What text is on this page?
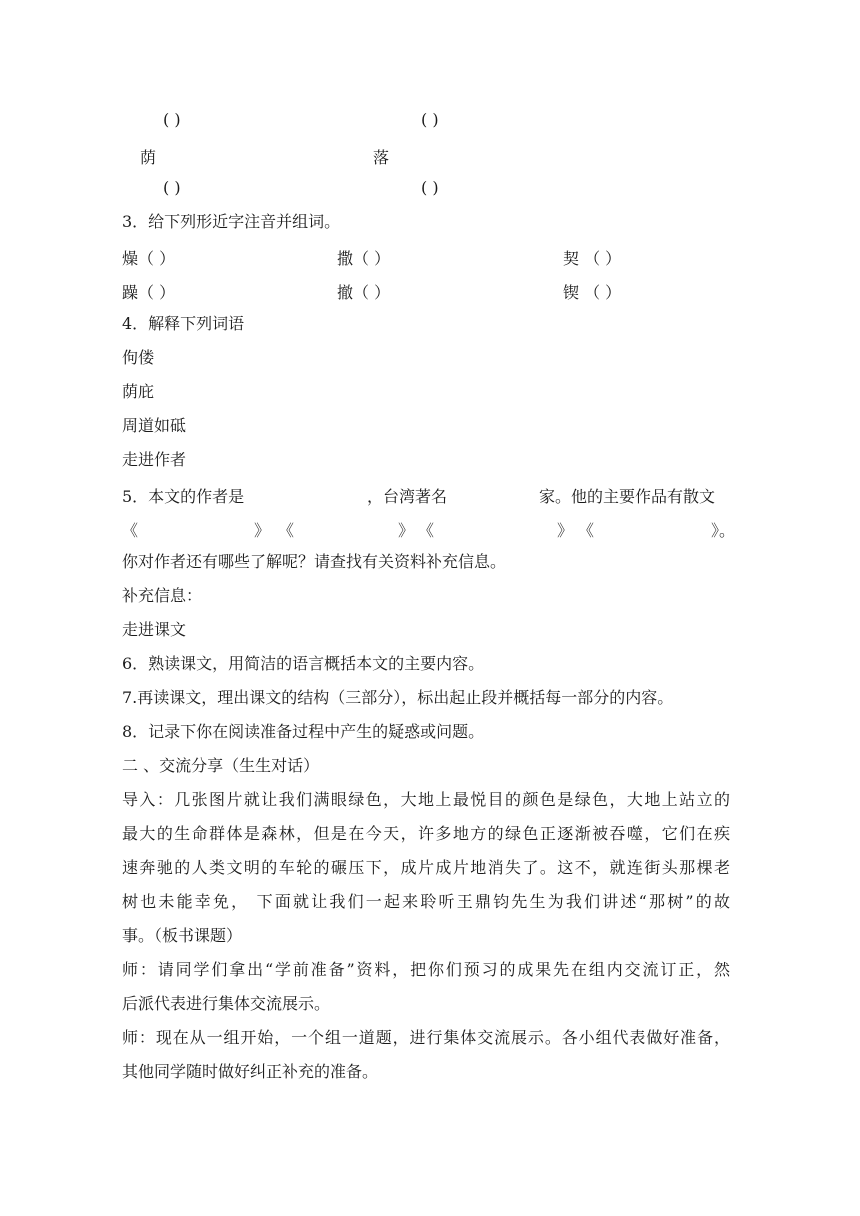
( )	( )
荫	落
( )	( )
3．给下列形近字注音并组词。
燥（ ）	撒（ ）	契 （ ）
躁（ ）	撤（ ）	锲 （ ）
4．解释下列词语
佝偻
荫庇
周道如砥
走进作者
5．本文的作者是	，台湾著名	家。他的主要作品有散文
《	》 《	》 《	》 《	》。
你对作者还有哪些了解呢？请查找有关资料补充信息。
补充信息：
走进课文
6．熟读课文，用简洁的语言概括本文的主要内容。
7.再读课文，理出课文的结构（三部分），标出起止段并概括每一部分的内容。
8．记录下你在阅读准备过程中产生的疑惑或问题。
二 、交流分享（生生对话）
导入：几张图片就让我们满眼绿色，大地上最悦目的颜色是绿色，大地上站立的
最大的生命群体是森林，但是在今天，许多地方的绿色正逐渐被吞噬，它们在疾
速奔驰的人类文明的车轮的碾压下，成片成片地消失了。这不，就连街头那棵老
树也未能幸免， 下面就让我们一起来聆听王鼎钧先生为我们讲述“那树”的故
事。（板书课题）
师：请同学们拿出“学前准备”资料，把你们预习的成果先在组内交流订正，然
后派代表进行集体交流展示。
师：现在从一组开始，一个组一道题，进行集体交流展示。各小组代表做好准备，
其他同学随时做好纠正补充的准备。
